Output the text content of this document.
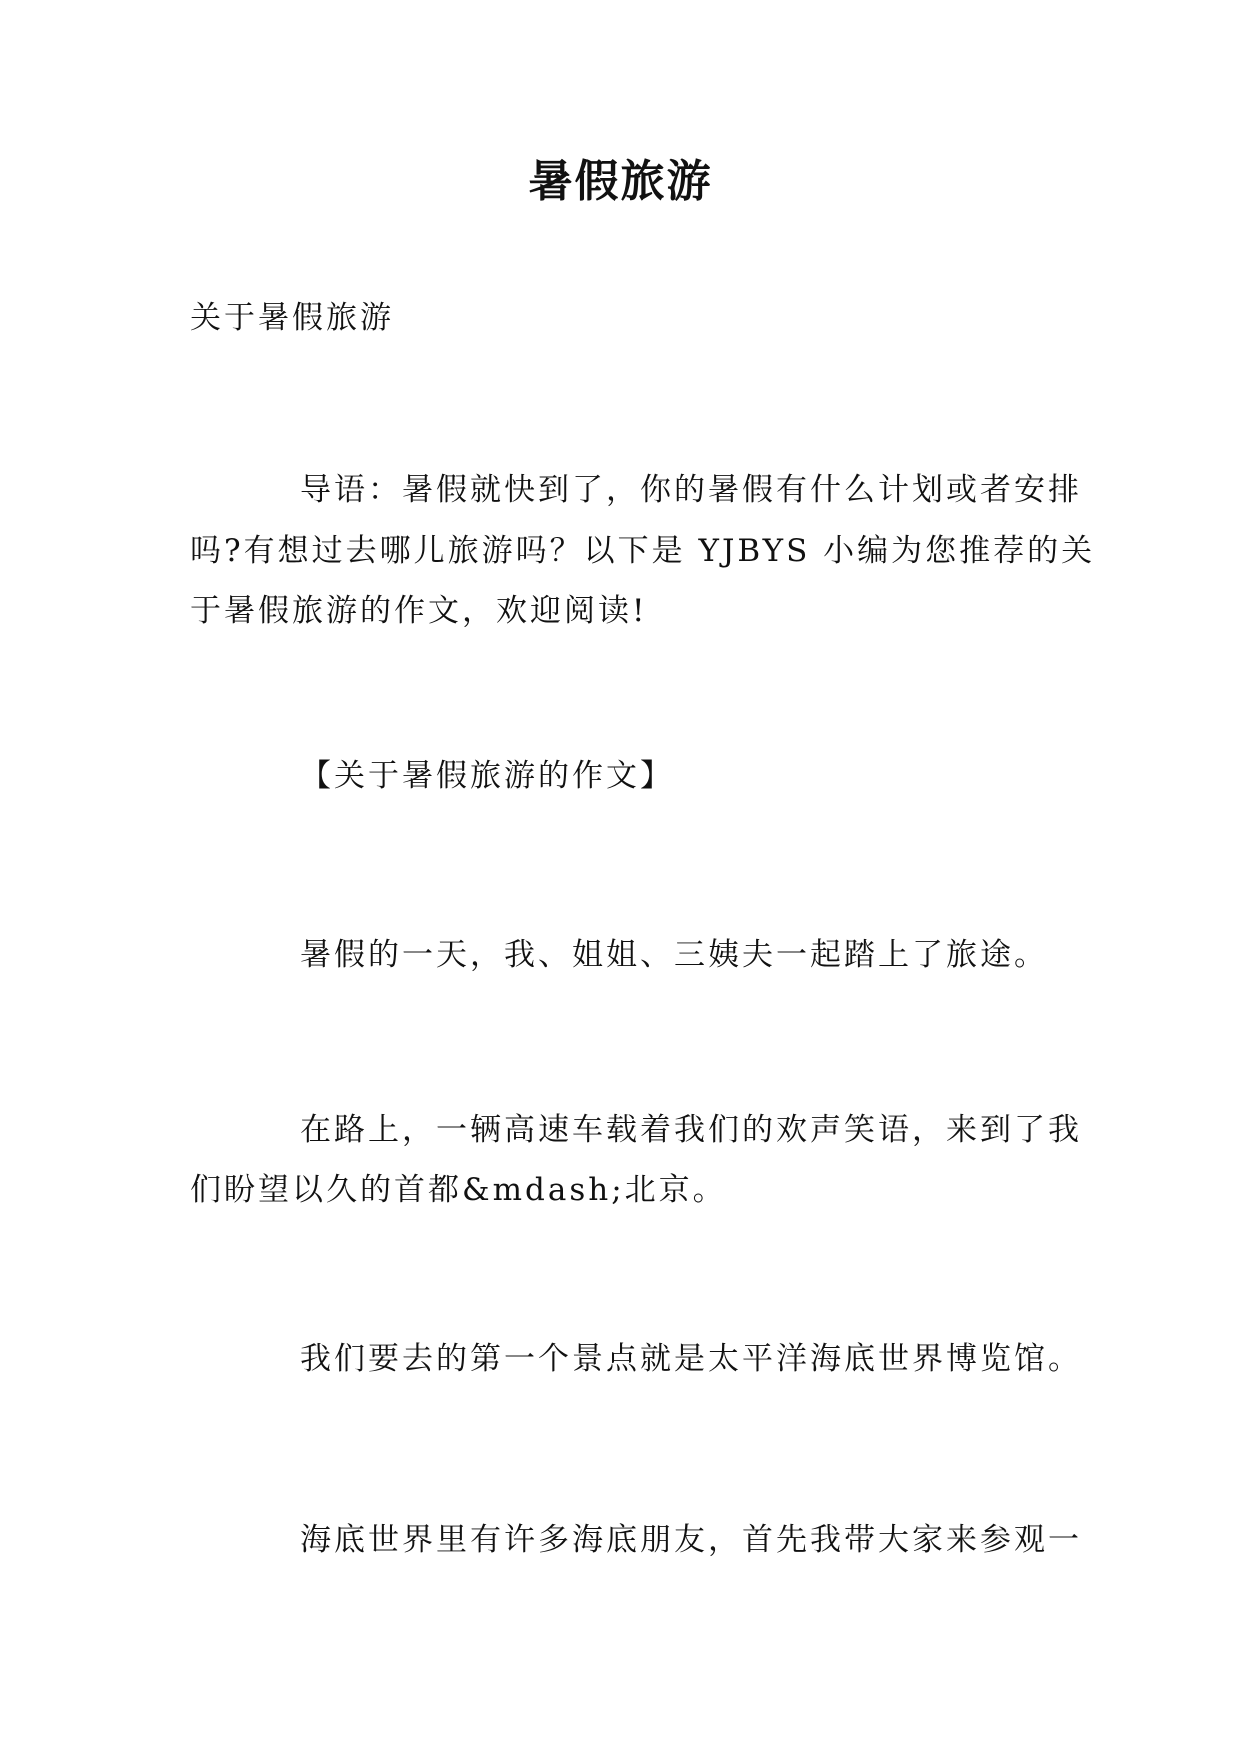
暑假旅游
关于暑假旅游
导语：暑假就快到了，你的暑假有什么计划或者安排
吗?有想过去哪儿旅游吗？以下是 YJBYS 小编为您推荐的关
于暑假旅游的作文，欢迎阅读!
【关于暑假旅游的作文】
暑假的一天，我、姐姐、三姨夫一起踏上了旅途。
在路上，一辆高速车载着我们的欢声笑语，来到了我
们盼望以久的首都&mdash;北京。
我们要去的第一个景点就是太平洋海底世界博览馆。
海底世界里有许多海底朋友，首先我带大家来参观一
